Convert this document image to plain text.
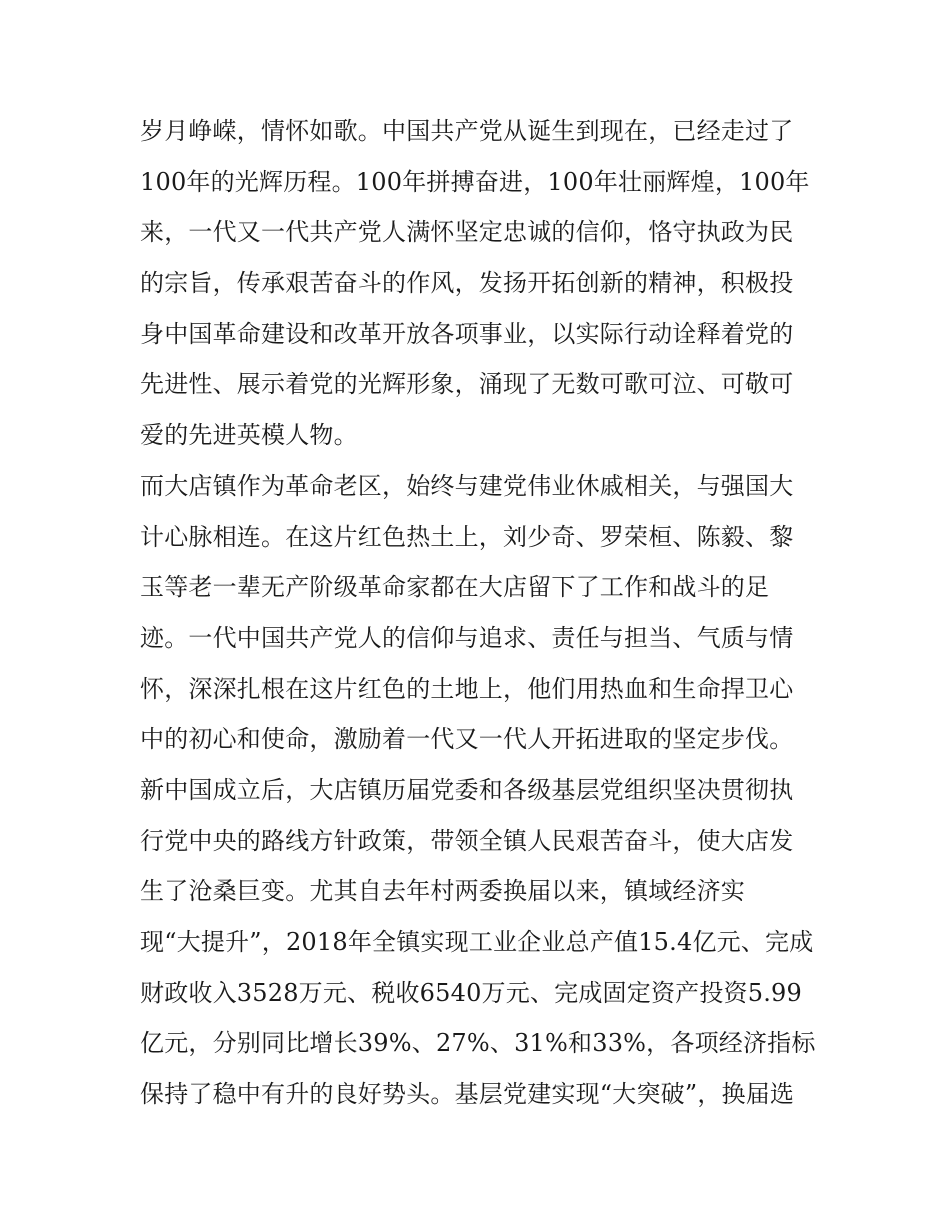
岁月峥嵘，情怀如歌。中国共产党从诞生到现在，已经走过了
100年的光辉历程。100年拼搏奋进，100年壮丽辉煌，100年
来，一代又一代共产党人满怀坚定忠诚的信仰，恪守执政为民
的宗旨，传承艰苦奋斗的作风，发扬开拓创新的精神，积极投
身中国革命建设和改革开放各项事业，以实际行动诠释着党的
先进性、展示着党的光辉形象，涌现了无数可歌可泣、可敬可
爱的先进英模人物。
而大店镇作为革命老区，始终与建党伟业休戚相关，与强国大
计心脉相连。在这片红色热土上，刘少奇、罗荣桓、陈毅、黎
玉等老一辈无产阶级革命家都在大店留下了工作和战斗的足
迹。一代中国共产党人的信仰与追求、责任与担当、气质与情
怀，深深扎根在这片红色的土地上，他们用热血和生命捍卫心
中的初心和使命，激励着一代又一代人开拓进取的坚定步伐。
新中国成立后，大店镇历届党委和各级基层党组织坚决贯彻执
行党中央的路线方针政策，带领全镇人民艰苦奋斗，使大店发
生了沧桑巨变。尤其自去年村两委换届以来，镇域经济实
现“大提升”，2018年全镇实现工业企业总产值15.4亿元、完成
财政收入3528万元、税收6540万元、完成固定资产投资5.99
亿元，分别同比增长39%、27%、31%和33%，各项经济指标
保持了稳中有升的良好势头。基层党建实现“大突破”，换届选
